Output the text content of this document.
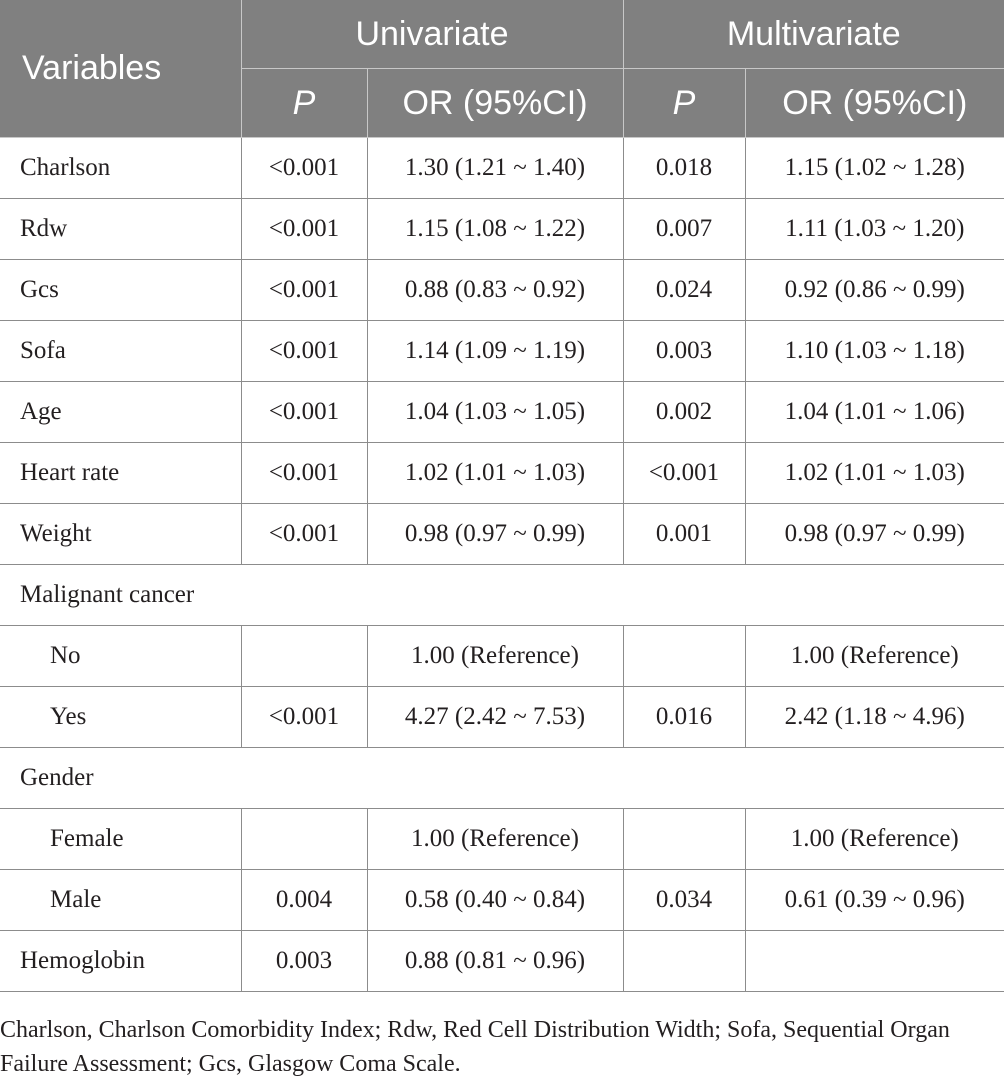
Variables	Univariate		Multivariate	
	P	OR (95%CI)	P	OR (95%CI)
Charlson	<0.001	1.30 (1.21 ~ 1.40)	0.018	1.15 (1.02 ~ 1.28)
Rdw	<0.001	1.15 (1.08 ~ 1.22)	0.007	1.11 (1.03 ~ 1.20)
Gcs	<0.001	0.88 (0.83 ~ 0.92)	0.024	0.92 (0.86 ~ 0.99)
Sofa	<0.001	1.14 (1.09 ~ 1.19)	0.003	1.10 (1.03 ~ 1.18)
Age	<0.001	1.04 (1.03 ~ 1.05)	0.002	1.04 (1.01 ~ 1.06)
Heart rate	<0.001	1.02 (1.01 ~ 1.03)	<0.001	1.02 (1.01 ~ 1.03)
Weight	<0.001	0.98 (0.97 ~ 0.99)	0.001	0.98 (0.97 ~ 0.99)
Malignant cancer				
No		1.00 (Reference)		1.00 (Reference)
Yes	<0.001	4.27 (2.42 ~ 7.53)	0.016	2.42 (1.18 ~ 4.96)
Gender				
Female		1.00 (Reference)		1.00 (Reference)
Male	0.004	0.58 (0.40 ~ 0.84)	0.034	0.61 (0.39 ~ 0.96)
Hemoglobin	0.003	0.88 (0.81 ~ 0.96)		

Charlson, Charlson Comorbidity Index; Rdw, Red Cell Distribution Width; Sofa, Sequential Organ Failure Assessment; Gcs, Glasgow Coma Scale.
